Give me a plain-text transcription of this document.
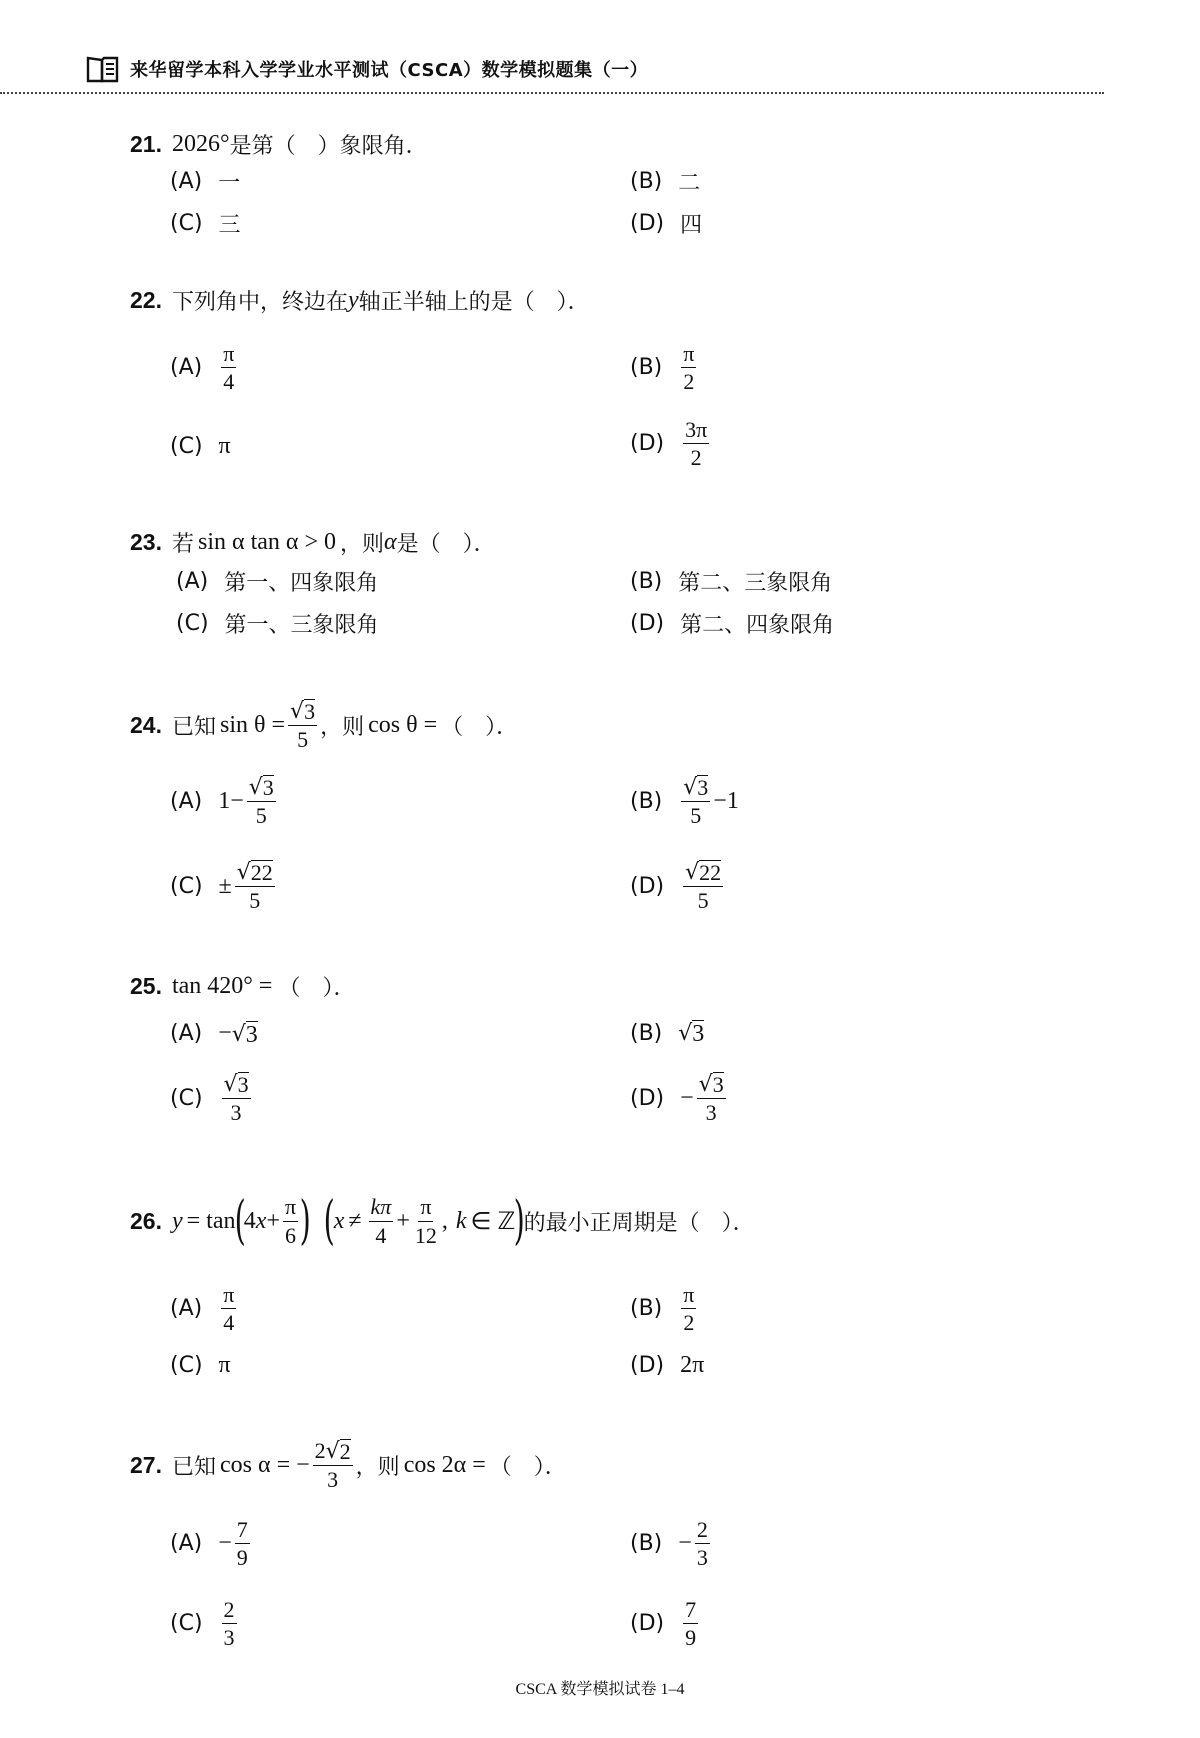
来华留学本科入学学业水平测试（CSCA）数学模拟题集（一）
21. 2026° 是第（　）象限角．
(A) 一	(B) 二
(C) 三	(D) 四
22. 下列角中，终边在 y 轴正半轴上的是（　）．
$(A) \frac{\pi}{4}$	$(B) \frac{\pi}{2}$
(C) π	$(D) \frac{3\pi}{2}$
23. 若 sin α tan α > 0 ，则 α 是（　）．
(A) 第一、四象限角	(B) 第二、三象限角
(C) 第一、三象限角	(D) 第二、四象限角
24. 已知 $\sin \theta = \frac{√ 3}{5}$ ，则 cos θ = （　）．
(A) $1- \frac{√ 3}{5}$	$(B) \frac{√ 3}{5} -1$
$(C) \pm \frac{√ 22}{5}$	$(D) \frac{√ 22}{5}$
25. tan 420° = （　）．
(A) − √ 3	(B) √ 3
$(C) \frac{√ 3}{3}$	$(D) - \frac{√ 3}{3}$
26. y = tan
(
4 $x + \frac{\pi}{6}$ ) (
$x \ne \frac{k\pi}{4} + \frac{\pi}{12}$ , k ∈ ℤ
)
的最小正周期是（　）．
$(A) \frac{\pi}{4}$	$(B) \frac{\pi}{2}$
(C) π	(D) 2π
27. 已知 cos α = − $\frac{2 √ 2}{3}$ ，则 cos 2α = （　）．
$(A) - \frac{7}{9}$	$(B) - \frac{2}{3}$
$(C) \frac{2}{3}$	$(D) \frac{7}{9}$
CSCA 数学模拟试卷 1–4
